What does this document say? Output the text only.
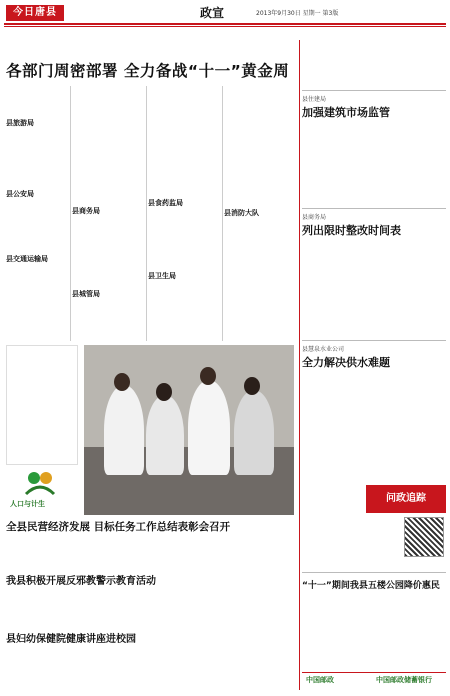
今日唐县	政宣	2013年9月30日 星期一 第3版
各部门周密部署 全力备战“十一”黄金周

县旅游局
县公安局
县交通运输局
县商务局
县城管局
县食药监局
县卫生局
县消防大队
人口与计生
全县民营经济发展 目标任务工作总结表彰会召开
我县积极开展反邪教警示教育活动
县妇幼保健院健康讲座进校园
县住建局
加强建筑市场监管
县商务局
列出限时整改时间表
县慧泉水业公司
全力解决供水难题
问政追踪
“十一”期间我县五楼公园降价惠民
中国邮政	中国邮政储蓄银行
